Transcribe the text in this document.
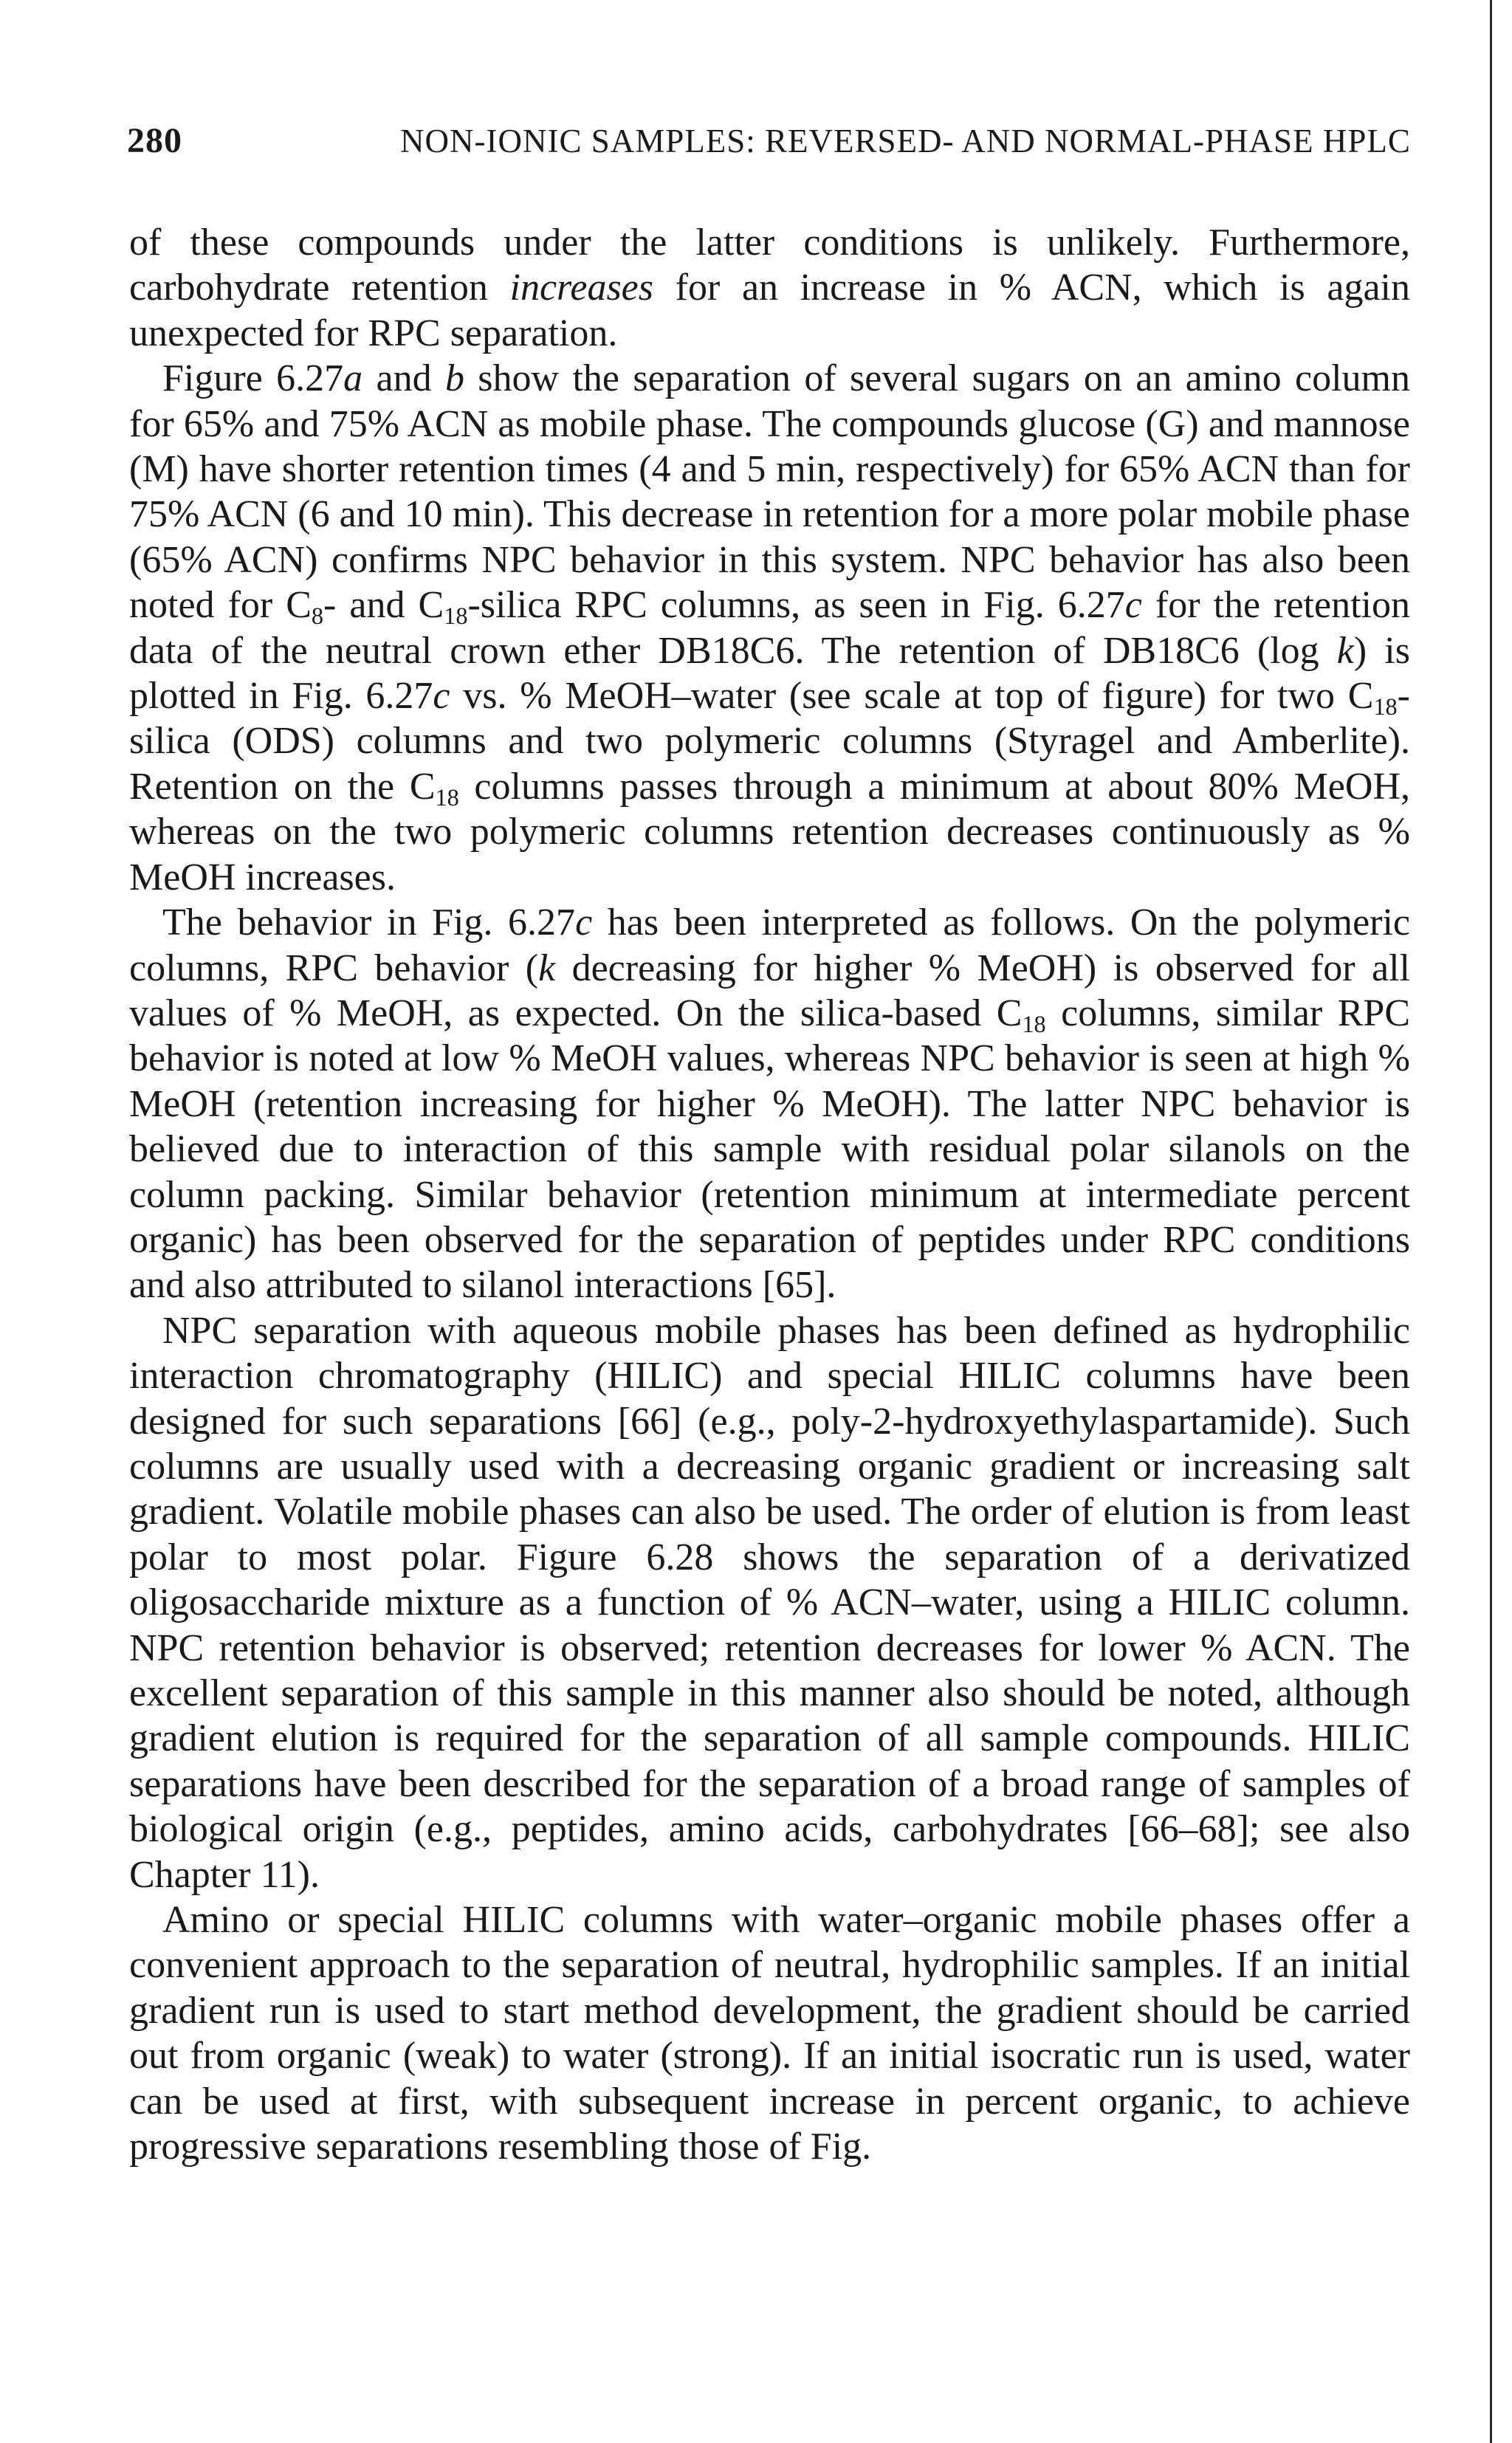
280	NON-IONIC SAMPLES: REVERSED- AND NORMAL-PHASE HPLC

of these compounds under the latter conditions is unlikely. Furthermore, carbohydrate retention increases for an increase in % ACN, which is again unexpected for RPC separation.

Figure 6.27a and b show the separation of several sugars on an amino column for 65% and 75% ACN as mobile phase. The compounds glucose (G) and mannose (M) have shorter retention times (4 and 5 min, respectively) for 65% ACN than for 75% ACN (6 and 10 min). This decrease in retention for a more polar mobile phase (65% ACN) confirms NPC behavior in this system. NPC behavior has also been noted for $C_8-$ and $C_{18}$-silica RPC columns, as seen in Fig. 6.27c for the retention data of the neutral crown ether DB18C6. The retention of DB18C6 (log k) is plotted in Fig. 6.27c vs. % MeOH–water (see scale at top of figure) for two $C_{18}$-silica (ODS) columns and two polymeric columns (Styragel and Amberlite). Retention on the $C_{18}$ columns passes through a minimum at about 80% MeOH, whereas on the two polymeric columns retention decreases continuously as % MeOH increases.

The behavior in Fig. 6.27c has been interpreted as follows. On the polymeric columns, RPC behavior (k decreasing for higher % MeOH) is observed for all values of % MeOH, as expected. On the silica-based $C_{18}$ columns, similar RPC behavior is noted at low % MeOH values, whereas NPC behavior is seen at high % MeOH (retention increasing for higher % MeOH). The latter NPC behavior is believed due to interaction of this sample with residual polar silanols on the column packing. Similar behavior (retention minimum at intermediate percent organic) has been observed for the separation of peptides under RPC conditions and also attributed to silanol interactions [65].

NPC separation with aqueous mobile phases has been defined as hydrophilic interaction chromatography (HILIC) and special HILIC columns have been designed for such separations [66] (e.g., poly-2-hydroxyethylaspartamide). Such columns are usually used with a decreasing organic gradient or increasing salt gradient. Volatile mobile phases can also be used. The order of elution is from least polar to most polar. Figure 6.28 shows the separation of a derivatized oligosaccharide mixture as a function of % ACN–water, using a HILIC column. NPC retention behavior is observed; retention decreases for lower % ACN. The excellent separation of this sample in this manner also should be noted, although gradient elution is required for the separation of all sample compounds. HILIC separations have been described for the separation of a broad range of samples of biological origin (e.g., peptides, amino acids, carbohydrates [66–68]; see also Chapter 11).

Amino or special HILIC columns with water–organic mobile phases offer a convenient approach to the separation of neutral, hydrophilic samples. If an initial gradient run is used to start method development, the gradient should be carried out from organic (weak) to water (strong). If an initial isocratic run is used, water can be used at first, with subsequent increase in percent organic, to achieve progressive separations resembling those of Fig.
